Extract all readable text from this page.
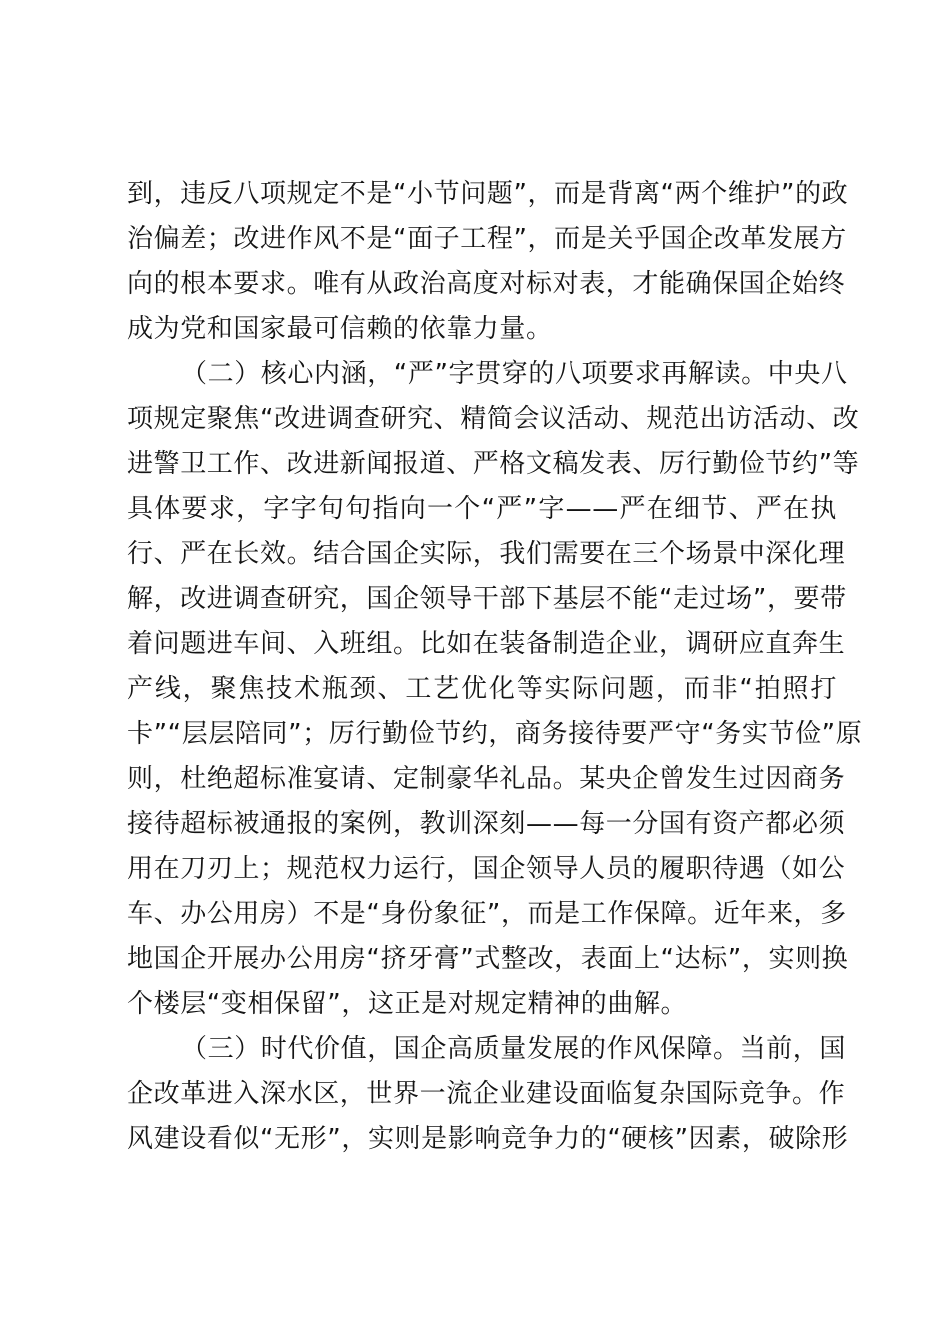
到，违反八项规定不是“小节问题”，而是背离“两个维护”的政
治偏差；改进作风不是“面子工程”，而是关乎国企改革发展方
向的根本要求。唯有从政治高度对标对表，才能确保国企始终
成为党和国家最可信赖的依靠力量。
（二）核心内涵，“严”字贯穿的八项要求再解读。中央八
项规定聚焦“改进调查研究、精简会议活动、规范出访活动、改
进警卫工作、改进新闻报道、严格文稿发表、厉行勤俭节约”等
具体要求，字字句句指向一个“严”字——严在细节、严在执
行、严在长效。结合国企实际，我们需要在三个场景中深化理
解，改进调查研究，国企领导干部下基层不能“走过场”，要带
着问题进车间、入班组。比如在装备制造企业，调研应直奔生
产线，聚焦技术瓶颈、工艺优化等实际问题，而非“拍照打
卡”“层层陪同”；厉行勤俭节约，商务接待要严守“务实节俭”原
则，杜绝超标准宴请、定制豪华礼品。某央企曾发生过因商务
接待超标被通报的案例，教训深刻——每一分国有资产都必须
用在刀刃上；规范权力运行，国企领导人员的履职待遇（如公
车、办公用房）不是“身份象征”，而是工作保障。近年来，多
地国企开展办公用房“挤牙膏”式整改，表面上“达标”，实则换
个楼层“变相保留”，这正是对规定精神的曲解。
（三）时代价值，国企高质量发展的作风保障。当前，国
企改革进入深水区，世界一流企业建设面临复杂国际竞争。作
风建设看似“无形”，实则是影响竞争力的“硬核”因素，破除形
